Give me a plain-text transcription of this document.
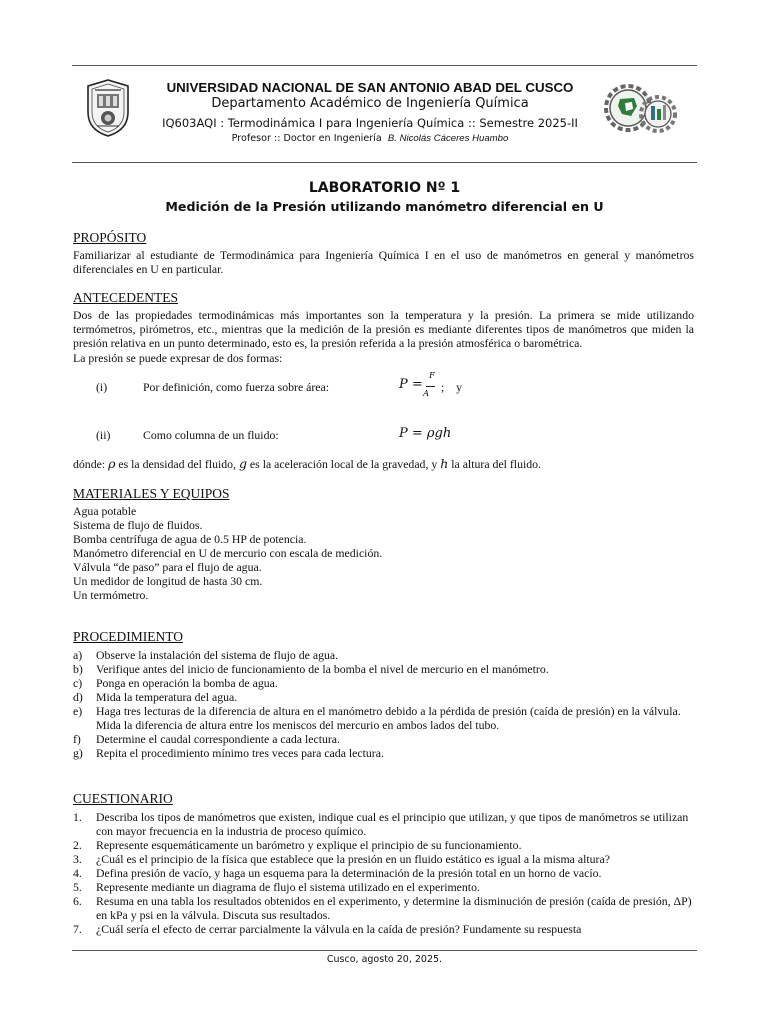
UNIVERSIDAD NACIONAL DE SAN ANTONIO ABAD DEL CUSCO
Departamento Académico de Ingeniería Química
IQ603AQI : Termodinámica I para Ingeniería Química :: Semestre 2025-II
Profesor :: Doctor en Ingeniería B. Nicolás Cáceres Huambo
LABORATORIO Nº 1
Medición de la Presión utilizando manómetro diferencial en U
PROPÓSITO
Familiarizar al estudiante de Termodinámica para Ingeniería Química I en el uso de manómetros en general y manómetros diferenciales en U en particular.
ANTECEDENTES
Dos de las propiedades termodinámicas más importantes son la temperatura y la presión. La primera se mide utilizando termómetros, pirómetros, etc., mientras que la medición de la presión es mediante diferentes tipos de manómetros que miden la presión relativa en un punto determinado, esto es, la presión referida a la presión atmosférica o barométrica.
La presión se puede expresar de dos formas:
(i)	Por definición, como fuerza sobre área:	P =
F
A ;    y
(ii)	Como columna de un fluido:	P = ρgh
dónde: ρ es la densidad del fluido, g es la aceleración local de la gravedad, y h la altura del fluido.
MATERIALES Y EQUIPOS
Agua potable
Sistema de flujo de fluidos.
Bomba centrífuga de agua de 0.5 HP de potencia.
Manómetro diferencial en U de mercurio con escala de medición.
Válvula “de paso” para el flujo de agua.
Un medidor de longitud de hasta 30 cm.
Un termómetro.
PROCEDIMIENTO
a) Observe la instalación del sistema de flujo de agua.
b) Verifique antes del inicio de funcionamiento de la bomba el nivel de mercurio en el manómetro.
c) Ponga en operación la bomba de agua.
d) Mida la temperatura del agua.
e) Haga tres lecturas de la diferencia de altura en el manómetro debido a la pérdida de presión (caída de presión) en la válvula. Mida la diferencia de altura entre los meniscos del mercurio en ambos lados del tubo.
f) Determine el caudal correspondiente a cada lectura.
g) Repita el procedimiento mínimo tres veces para cada lectura.
CUESTIONARIO
1. Describa los tipos de manómetros que existen, indique cual es el principio que utilizan, y que tipos de manómetros se utilizan con mayor frecuencia en la industria de proceso químico.
2. Represente esquemáticamente un barómetro y explique el principio de su funcionamiento.
3. ¿Cuál es el principio de la física que establece que la presión en un fluido estático es igual a la misma altura?
4. Defina presión de vacío, y haga un esquema para la determinación de la presión total en un horno de vacío.
5. Represente mediante un diagrama de flujo el sistema utilizado en el experimento.
6. Resuma en una tabla los resultados obtenidos en el experimento, y determine la disminución de presión (caída de presión, ΔP) en kPa y psi en la válvula. Discuta sus resultados.
7. ¿Cuál sería el efecto de cerrar parcialmente la válvula en la caída de presión? Fundamente su respuesta
Cusco, agosto 20, 2025.
